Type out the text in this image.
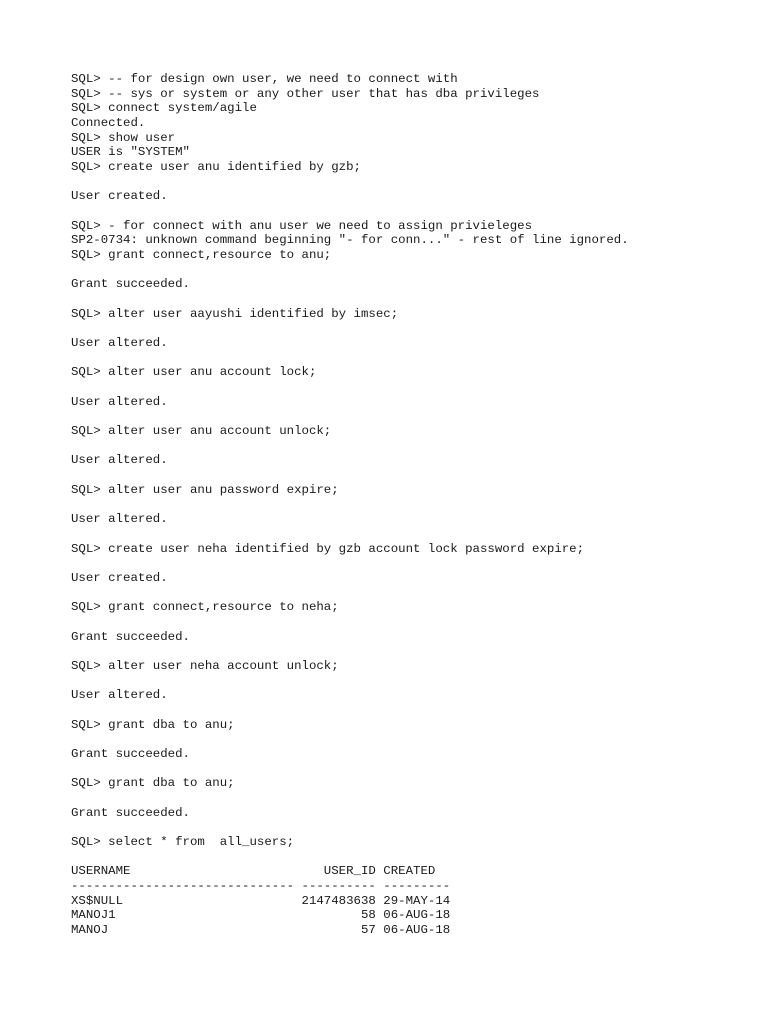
SQL> -- for design own user, we need to connect with
SQL> -- sys or system or any other user that has dba privileges
SQL> connect system/agile
Connected.
SQL> show user
USER is "SYSTEM"
SQL> create user anu identified by gzb;
User created.
SQL> - for connect with anu user we need to assign privieleges
SP2-0734: unknown command beginning "- for conn..." - rest of line ignored.
SQL> grant connect,resource to anu;
Grant succeeded.
SQL> alter user aayushi identified by imsec;
User altered.
SQL> alter user anu account lock;
User altered.
SQL> alter user anu account unlock;
User altered.
SQL> alter user anu password expire;
User altered.
SQL> create user neha identified by gzb account lock password expire;
User created.
SQL> grant connect,resource to neha;
Grant succeeded.
SQL> alter user neha account unlock;
User altered.
SQL> grant dba to anu;
Grant succeeded.
SQL> grant dba to anu;
Grant succeeded.
SQL> select * from  all_users;
USERNAME                          USER_ID CREATED
------------------------------ ---------- ---------
XS$NULL                        2147483638 29-MAY-14
MANOJ1                                 58 06-AUG-18
MANOJ                                  57 06-AUG-18
